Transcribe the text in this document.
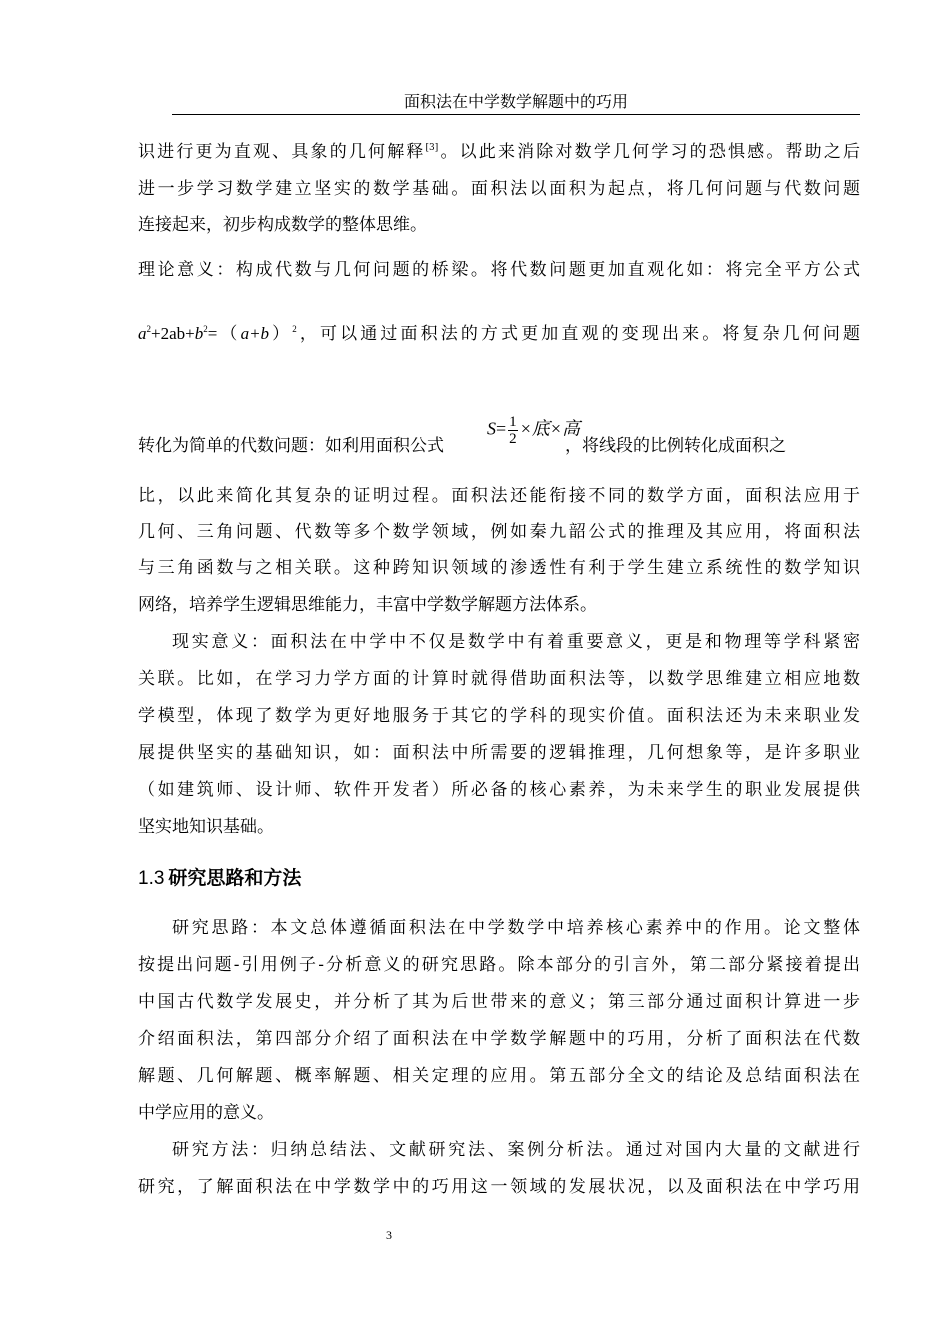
面积法在中学数学解题中的巧用
识进行更为直观、具象的几何解释[3]。以此来消除对数学几何学习的恐惧感。帮助之后
进一步学习数学建立坚实的数学基础。面积法以面积为起点，将几何问题与代数问题
连接起来，初步构成数学的整体思维。
理论意义：构成代数与几何问题的桥梁。将代数问题更加直观化如：将完全平方公式
$a^2+2ab+b^2=(a+b)^2$，可以通过面积法的方式更加直观的变现出来。将复杂几何问题
$S= \frac{1}{2}$ ×底×高
转化为简单的代数问题：如利用面积公式	，将线段的比例转化成面积之
比，以此来简化其复杂的证明过程。面积法还能衔接不同的数学方面，面积法应用于
几何、三角问题、代数等多个数学领域，例如秦九韶公式的推理及其应用，将面积法
与三角函数与之相关联。这种跨知识领域的渗透性有利于学生建立系统性的数学知识
网络，培养学生逻辑思维能力，丰富中学数学解题方法体系。
现实意义：面积法在中学中不仅是数学中有着重要意义，更是和物理等学科紧密
关联。比如，在学习力学方面的计算时就得借助面积法等，以数学思维建立相应地数
学模型，体现了数学为更好地服务于其它的学科的现实价值。面积法还为未来职业发
展提供坚实的基础知识，如：面积法中所需要的逻辑推理，几何想象等，是许多职业
（如建筑师、设计师、软件开发者）所必备的核心素养，为未来学生的职业发展提供
坚实地知识基础。
1.3 研究思路和方法
研究思路：本文总体遵循面积法在中学数学中培养核心素养中的作用。论文整体
按提出问题-引用例子-分析意义的研究思路。除本部分的引言外，第二部分紧接着提出
中国古代数学发展史，并分析了其为后世带来的意义；第三部分通过面积计算进一步
介绍面积法，第四部分介绍了面积法在中学数学解题中的巧用，分析了面积法在代数
解题、几何解题、概率解题、相关定理的应用。第五部分全文的结论及总结面积法在
中学应用的意义。
研究方法：归纳总结法、文献研究法、案例分析法。通过对国内大量的文献进行
研究，了解面积法在中学数学中的巧用这一领域的发展状况，以及面积法在中学巧用
3
